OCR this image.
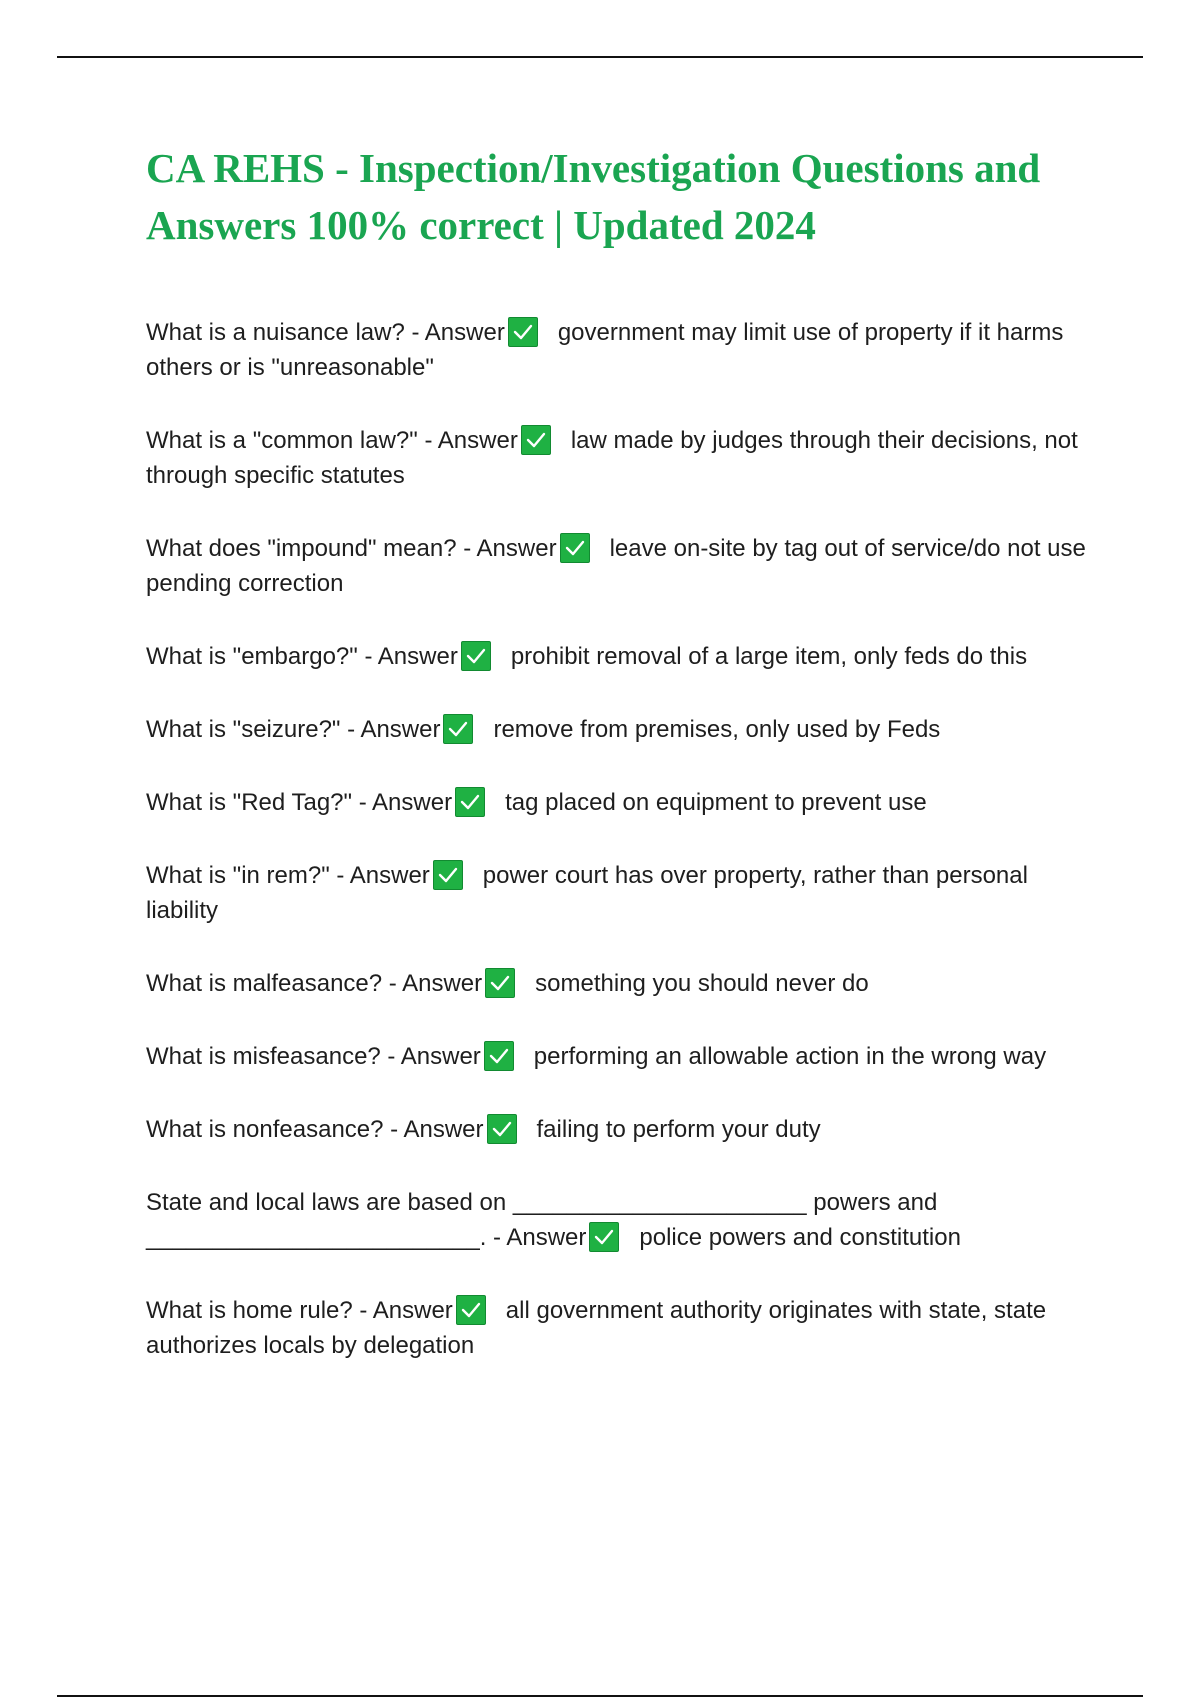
CA REHS - Inspection/Investigation Questions and Answers 100% correct | Updated 2024

What is a nuisance law? - Answer government may limit use of property if it harms others or is "unreasonable"

What is a "common law?" - Answer law made by judges through their decisions, not through specific statutes

What does "impound" mean? - Answer leave on-site by tag out of service/do not use pending correction

What is "embargo?" - Answer prohibit removal of a large item, only feds do this

What is "seizure?" - Answer remove from premises, only used by Feds

What is "Red Tag?" - Answer tag placed on equipment to prevent use

What is "in rem?" - Answer power court has over property, rather than personal liability

What is malfeasance? - Answer something you should never do

What is misfeasance? - Answer performing an allowable action in the wrong way

What is nonfeasance? - Answer failing to perform your duty

State and local laws are based on ______________________ powers and _________________________. - Answer police powers and constitution

What is home rule? - Answer all government authority originates with state, state authorizes locals by delegation
